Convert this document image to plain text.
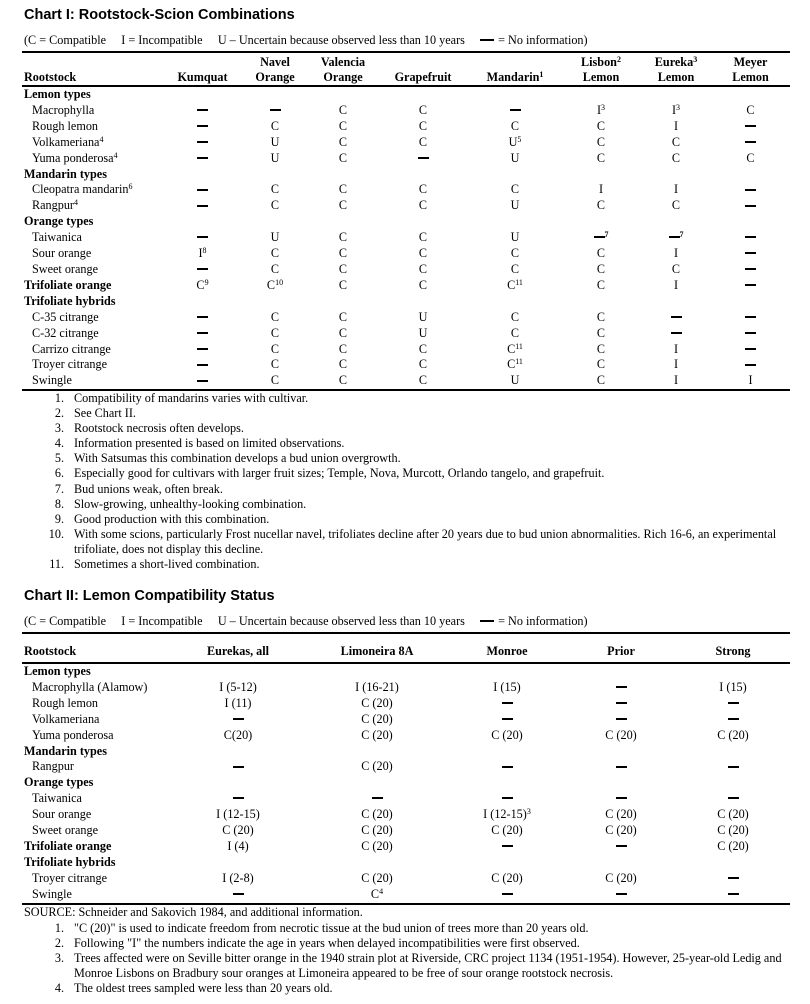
Chart I: Rootstock-Scion Combinations
(C = Compatible I = Incompatible U – Uncertain because observed less than 10 years	= No information)
		Navel	Valencia			Lisbon$^2$	Eureka$^3$	Meyer
Rootstock	Kumquat	Orange	Orange	Grapefruit	Mandarin$^1$	Lemon	Lemon	Lemon
Lemon types								
Macrophylla			C	C		$I^3$	$I^3$	C
Rough lemon		C	C	C	C	C	I	
Volkameriana$^4$		U	C	C	$U^5$	C	C	
Yuma ponderosa$^4$		U	C		U	C	C	C
Mandarin types								
Cleopatra mandarin$^6$		C	C	C	C	I	I	
Rangpur$^4$		C	C	C	U	C	C	
Orange types								
Taiwanica		U	C	C	U	$^7$	$^7$	
Sour orange	$I^8$	C	C	C	C	C	I	
Sweet orange		C	C	C	C	C	C	
Trifoliate orange	$C^9$	$C^{10}$	C	C	$C^{11}$	C	I	
Trifoliate hybrids								
C-35 citrange		C	C	U	C	C		
C-32 citrange		C	C	U	C	C		
Carrizo citrange		C	C	C	$C^{11}$	C	I	
Troyer citrange		C	C	C	$C^{11}$	C	I	
Swingle		C	C	C	U	C	I	I
1. Compatibility of mandarins varies with cultivar.
2. See Chart II.
3. Rootstock necrosis often develops.
4. Information presented is based on limited observations.
5. With Satsumas this combination develops a bud union overgrowth.
6. Especially good for cultivars with larger fruit sizes; Temple, Nova, Murcott, Orlando tangelo, and grapefruit.
7. Bud unions weak, often break.
8. Slow-growing, unhealthy-looking combination.
9. Good production with this combination.
10. With some scions, particularly Frost nucellar navel, trifoliates decline after 20 years due to bud union abnormalities. Rich 16-6, an experimental trifoliate, does not display this decline.
11. Sometimes a short-lived combination.
Chart II: Lemon Compatibility Status
(C = Compatible I = Incompatible U – Uncertain because observed less than 10 years	= No information)
Rootstock	Eurekas, all	Limoneira 8A	Monroe	Prior	Strong
Lemon types					
Macrophylla (Alamow)	I (5-12)	I (16-21)	I (15)		I (15)
Rough lemon	I (11)	C (20)			
Volkameriana		C (20)			
Yuma ponderosa	C(20)	C (20)	C (20)	C (20)	C (20)
Mandarin types					
Rangpur		C (20)			
Orange types					
Taiwanica					
Sour orange	I (12-15)	C (20)	I $(12-15)^3$	C (20)	C (20)
Sweet orange	C (20)	C (20)	C (20)	C (20)	C (20)
Trifoliate orange	I (4)	C (20)			C (20)
Trifoliate hybrids					
Troyer citrange	I (2-8)	C (20)	C (20)	C (20)	
Swingle		$C^4$			
SOURCE: Schneider and Sakovich 1984, and additional information.
1. "C (20)" is used to indicate freedom from necrotic tissue at the bud union of trees more than 20 years old.
2. Following "I" the numbers indicate the age in years when delayed incompatibilities were first observed.
3. Trees affected were on Seville bitter orange in the 1940 strain plot at Riverside, CRC project 1134 (1951-1954). However, 25-year-old Ledig and Monroe Lisbons on Bradbury sour oranges at Limoneira appeared to be free of sour orange rootstock necrosis.
4. The oldest trees sampled were less than 20 years old.
